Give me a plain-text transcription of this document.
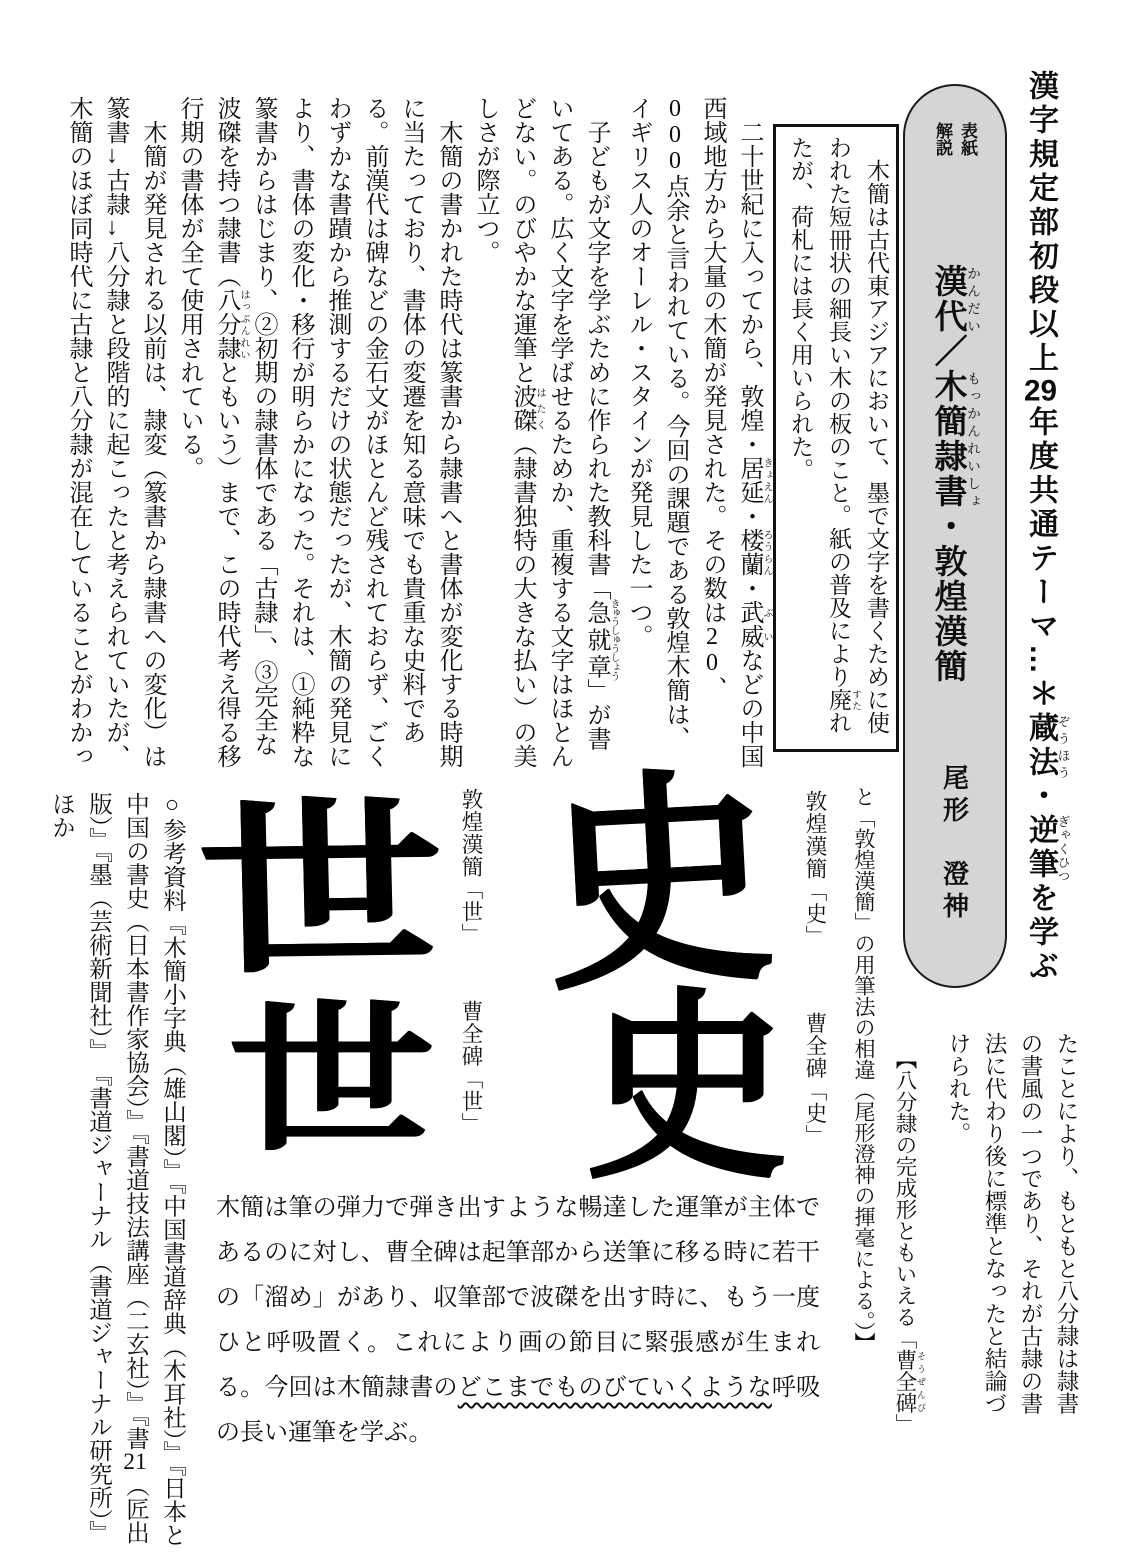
漢字規定部初段以上29年度共通テーマ…＊蔵法ぞうほう・逆筆ぎゃくひつを学ぶ
表紙
解説
漢代かんだい／木簡隷書もっかんれいしょ・敦煌漢簡
尾形　澄神
　木簡は古代東アジアにおいて、墨で文字を書くために使われた短冊状の細長い木の板のこと。紙の普及により廃 すたれたが、荷札には長く用いられた。

　二十世紀に入ってから、敦煌・居延 きょえん・楼蘭 ろうらん・武威 ぶいなどの中国西域地方から大量の木簡が発見された。その数は20、000点余と言われている。今回の課題である敦煌木簡は、イギリス人のオーレル・スタインが発見した一つ。

　子どもが文字を学ぶために作られた教科書「急就章 きゅうしゅうしょう」が書いてある。広く文字を学ばせるためか、重複する文字はほとんどない。のびやかな運筆と波磔 はたく（隷書独特の大きな払い）の美しさが際立つ。

　木簡の書かれた時代は篆書から隷書へと書体が変化する時期に当たっており、書体の変遷を知る意味でも貴重な史料である。前漢代は碑などの金石文がほとんど残されておらず、ごくわずかな書蹟から推測するだけの状態だったが、木簡の発見により、書体の変化・移行が明らかになった。それは、①純粋な篆書からはじまり、②初期の隷書体である「古隷」、③完全な波磔を持つ隷書（八分隷 はっぷんれいともいう）まで、この時代考え得る移行期の書体が全て使用されている。

　木簡が発見される以前は、隷変（篆書から隷書への変化）は篆書→古隷→八分隷と段階的に起こったと考えられていたが、木簡のほぼ同時代に古隷と八分隷が混在していることがわかっ

たことにより、もともと八分隷は隷書の書風の一つであり、それが古隷の書法に代わり後に標準となったと結論づけられた。
【八分隷の完成形ともいえる「曹全碑 そうぜんぴ」
と「敦煌漢簡」の用筆法の相違（尾形澄神の揮毫による。）】
敦煌漢簡「史」
曹全碑「史」
史
史
敦煌漢簡「世」
曹全碑「世」
世
世
木簡は筆の弾力で弾き出すような暢達した運筆が主体であるのに対し、曹全碑は起筆部から送筆に移る時に若干の「溜め」があり、収筆部で波磔を出す時に、もう一度ひと呼吸置く。これにより画の節目に緊張感が生まれる。今回は木簡隷書のどこまでものびていくような呼吸の長い運筆を学ぶ。
○参考資料『木簡小字典（雄山閣）』『中国書道辞典（木耳社）』『日本と中国の書史（日本書作家協会）』『書道技法講座（二玄社）』『書21（匠出版）』『墨（芸術新聞社）』　『書道ジャーナル（書道ジャーナル研究所）』ほか
